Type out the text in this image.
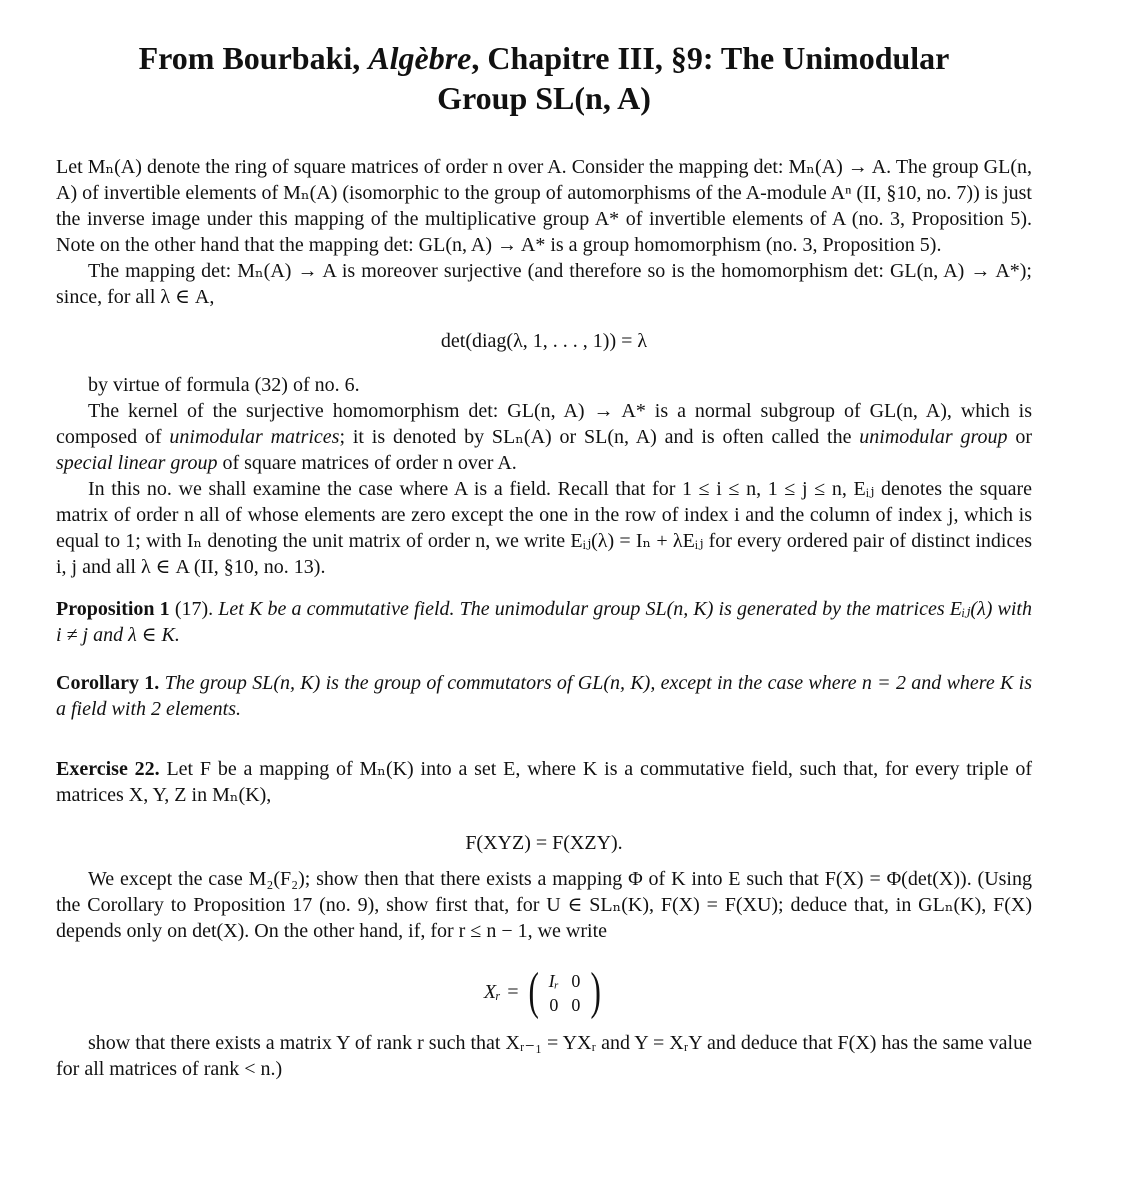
From Bourbaki, Algèbre, Chapitre III, §9: The Unimodular
Group SL(n, A)

Let Mₙ(A) denote the ring of square matrices of order n over A. Consider the mapping det: Mₙ(A) → A. The group GL(n, A) of invertible elements of Mₙ(A) (isomorphic to the group of automorphisms of the A-module Aⁿ (II, §10, no. 7)) is just the inverse image under this mapping of the multiplicative group A* of invertible elements of A (no. 3, Proposition 5). Note on the other hand that the mapping det: GL(n, A) → A* is a group homomorphism (no. 3, Proposition 5).

The mapping det: Mₙ(A) → A is moreover surjective (and therefore so is the homomorphism det: GL(n, A) → A*); since, for all λ ∈ A,

det(diag(λ, 1, . . . , 1)) = λ

by virtue of formula (32) of no. 6.

The kernel of the surjective homomorphism det: GL(n, A) → A* is a normal subgroup of GL(n, A), which is composed of unimodular matrices; it is denoted by SLₙ(A) or SL(n, A) and is often called the unimodular group or special linear group of square matrices of order n over A.

In this no. we shall examine the case where A is a field. Recall that for 1 ≤ i ≤ n, 1 ≤ j ≤ n, Eᵢⱼ denotes the square matrix of order n all of whose elements are zero except the one in the row of index i and the column of index j, which is equal to 1; with Iₙ denoting the unit matrix of order n, we write Eᵢⱼ(λ) = Iₙ + λEᵢⱼ for every ordered pair of distinct indices i, j and all λ ∈ A (II, §10, no. 13).

Proposition 1 (17). Let K be a commutative field. The unimodular group SL(n, K) is generated by the matrices Eᵢⱼ(λ) with i ≠ j and λ ∈ K.

Corollary 1. The group SL(n, K) is the group of commutators of GL(n, K), except in the case where n = 2 and where K is a field with 2 elements.

Exercise 22. Let F be a mapping of Mₙ(K) into a set E, where K is a commutative field, such that, for every triple of matrices X, Y, Z in Mₙ(K),

F(XYZ) = F(XZY).

We except the case M₂(F₂); show then that there exists a mapping Φ of K into E such that F(X) = Φ(det(X)). (Using the Corollary to Proposition 17 (no. 9), show first that, for U ∈ SLₙ(K), F(X) = F(XU); deduce that, in GLₙ(K), F(X) depends only on det(X). On the other hand, if, for r ≤ n − 1, we write

Xᵣ = ( Iᵣ 0
0 0 )

show that there exists a matrix Y of rank r such that Xᵣ₋₁ = YXᵣ and Y = XᵣY and deduce that F(X) has the same value for all matrices of rank < n.)
